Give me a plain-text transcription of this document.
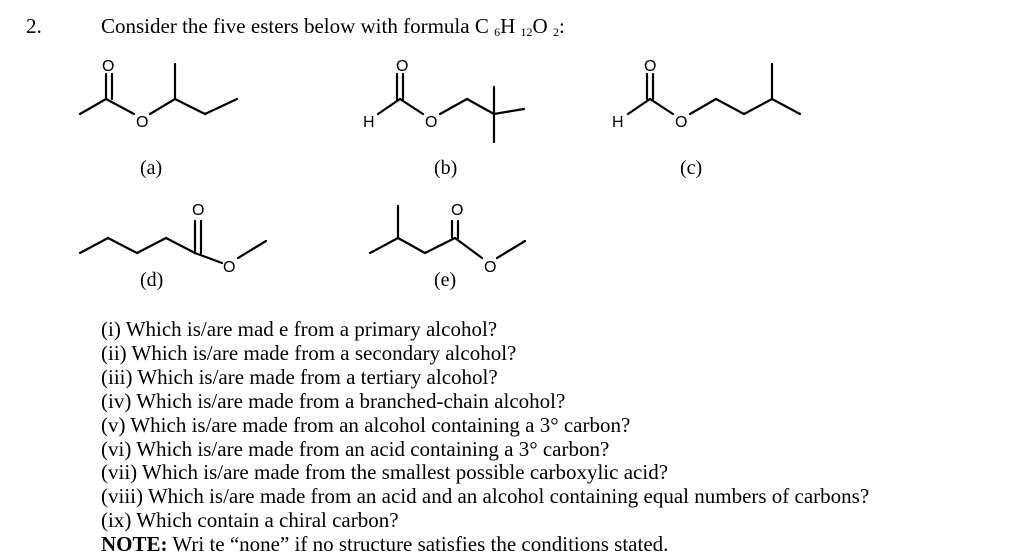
2.	Consider the five esters below with formula C $_6$H $_{12}$O $_2$:
O
O	H
O
O	H
O
O
O
O
O
O
(a)	(b)	(c)
(d)	(e)
(i) Which is/are mad e from a primary alcohol?
(ii) Which is/are made from a secondary alcohol?
(iii) Which is/are made from a tertiary alcohol?
(iv) Which is/are made from a branched-chain alcohol?
(v) Which is/are made from an alcohol containing a 3° carbon?
(vi) Which is/are made from an acid containing a 3° carbon?
(vii) Which is/are made from the smallest possible carboxylic acid?
(viii) Which is/are made from an acid and an alcohol containing equal numbers of carbons?
(ix) Which contain a chiral carbon?
NOTE: Wri te “none” if no structure satisfies the conditions stated.
